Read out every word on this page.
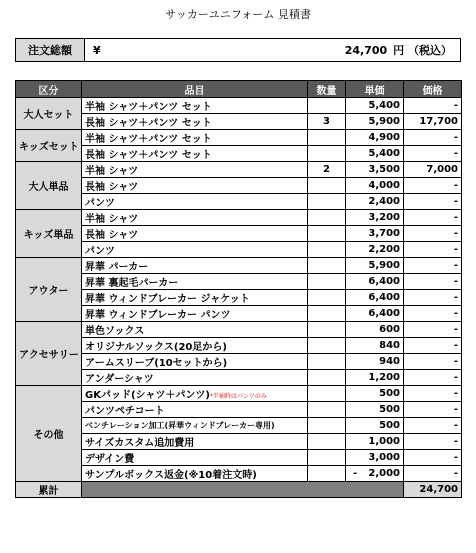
サッカーユニフォーム 見積書
注文総額	¥	24,700 円 （税込）
区分	品目	数量	単価	価格
大人セット	半袖 シャツ＋パンツ セット		5,400	-
	長袖 シャツ＋パンツ セット	3	5,900	17,700
キッズセット	半袖 シャツ＋パンツ セット		4,900	-
	長袖 シャツ＋パンツ セット		5,400	-
大人単品	半袖 シャツ	2	3,500	7,000
	長袖 シャツ		4,000	-
	パンツ		2,400	-
キッズ単品	半袖 シャツ		3,200	-
	長袖 シャツ		3,700	-
	パンツ		2,200	-
アウター	昇華 パーカー		5,900	-
	昇華 裏起毛パーカー		6,400	-
	昇華 ウィンドブレーカー ジャケット		6,400	-
	昇華 ウィンドブレーカー パンツ		6,400	-
アクセサリー	単色ソックス		600	-
	オリジナルソックス(20足から)		840	-
	アームスリーブ(10セットから)		940	-
	アンダーシャツ		1,200	-
その他	GKパッド(シャツ＋パンツ)*半袖時はパンツのみ		500	-
	パンツペチコート		500	-
	ベンチレーション加工(昇華ウィンドブレーカー専用)		500	-
	サイズカスタム追加費用		1,000	-
	デザイン費		3,000	-
	サンプルボックス返金(※10着注文時)		- 2,000	-
累計				24,700
